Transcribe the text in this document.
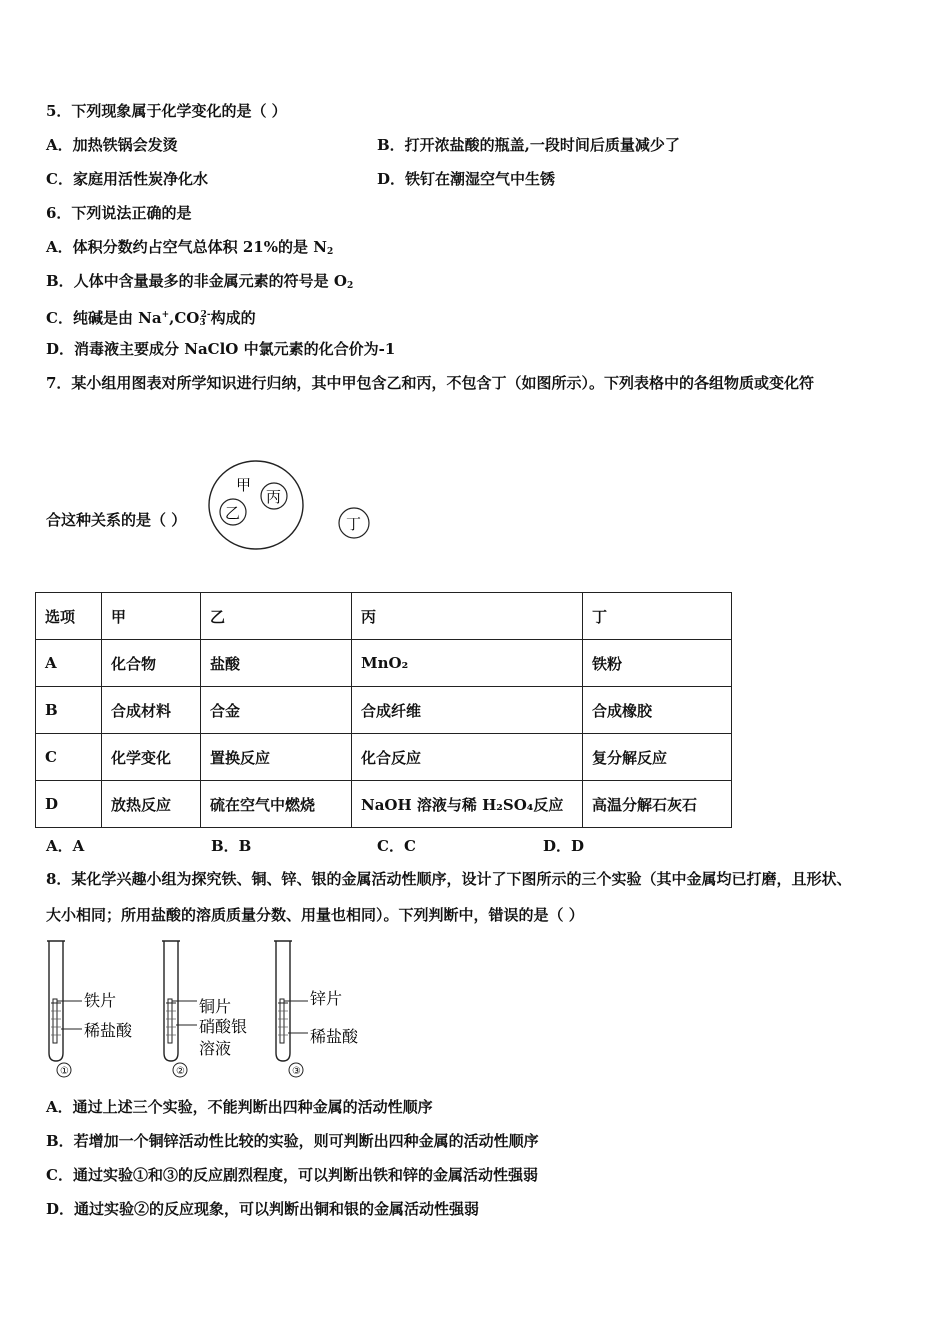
5．下列现象属于化学变化的是（ ）
A．加热铁锅会发烫	B．打开浓盐酸的瓶盖,一段时间后质量减少了
C．家庭用活性炭净化水	D．铁钉在潮湿空气中生锈
6．下列说法正确的是
A．体积分数约占空气总体积 21%的是 $N_2$
B．人体中含量最多的非金属元素的符号是 $O_2$
C．纯碱是由 $Na^+,CO_3^{2-}$构成的
D．消毒液主要成分 NaClO 中氯元素的化合价为-1
7．某小组用图表对所学知识进行归纳，其中甲包含乙和丙，不包含丁（如图所示）。下列表格中的各组物质或变化符
合这种关系的是（ ）
甲
乙
丙
丁
选项	甲	乙	丙	丁
A	化合物	盐酸	MnO₂	铁粉
B	合成材料	合金	合成纤维	合成橡胶
C	化学变化	置换反应	化合反应	复分解反应
D	放热反应	硫在空气中燃烧	NaOH 溶液与稀 H₂SO₄反应	高温分解石灰石
A．A	B．B	C．C	D．D
8．某化学兴趣小组为探究铁、铜、锌、银的金属活动性顺序，设计了下图所示的三个实验（其中金属均已打磨，且形状、
大小相同；所用盐酸的溶质质量分数、用量也相同）。下列判断中，错误的是（ ）
铁片
稀盐酸
①
铜片
硝酸银
溶液
②
锌片
稀盐酸
③
A．通过上述三个实验，不能判断出四种金属的活动性顺序
B．若增加一个铜锌活动性比较的实验，则可判断出四种金属的活动性顺序
C．通过实验①和③的反应剧烈程度，可以判断出铁和锌的金属活动性强弱
D．通过实验②的反应现象，可以判断出铜和银的金属活动性强弱
